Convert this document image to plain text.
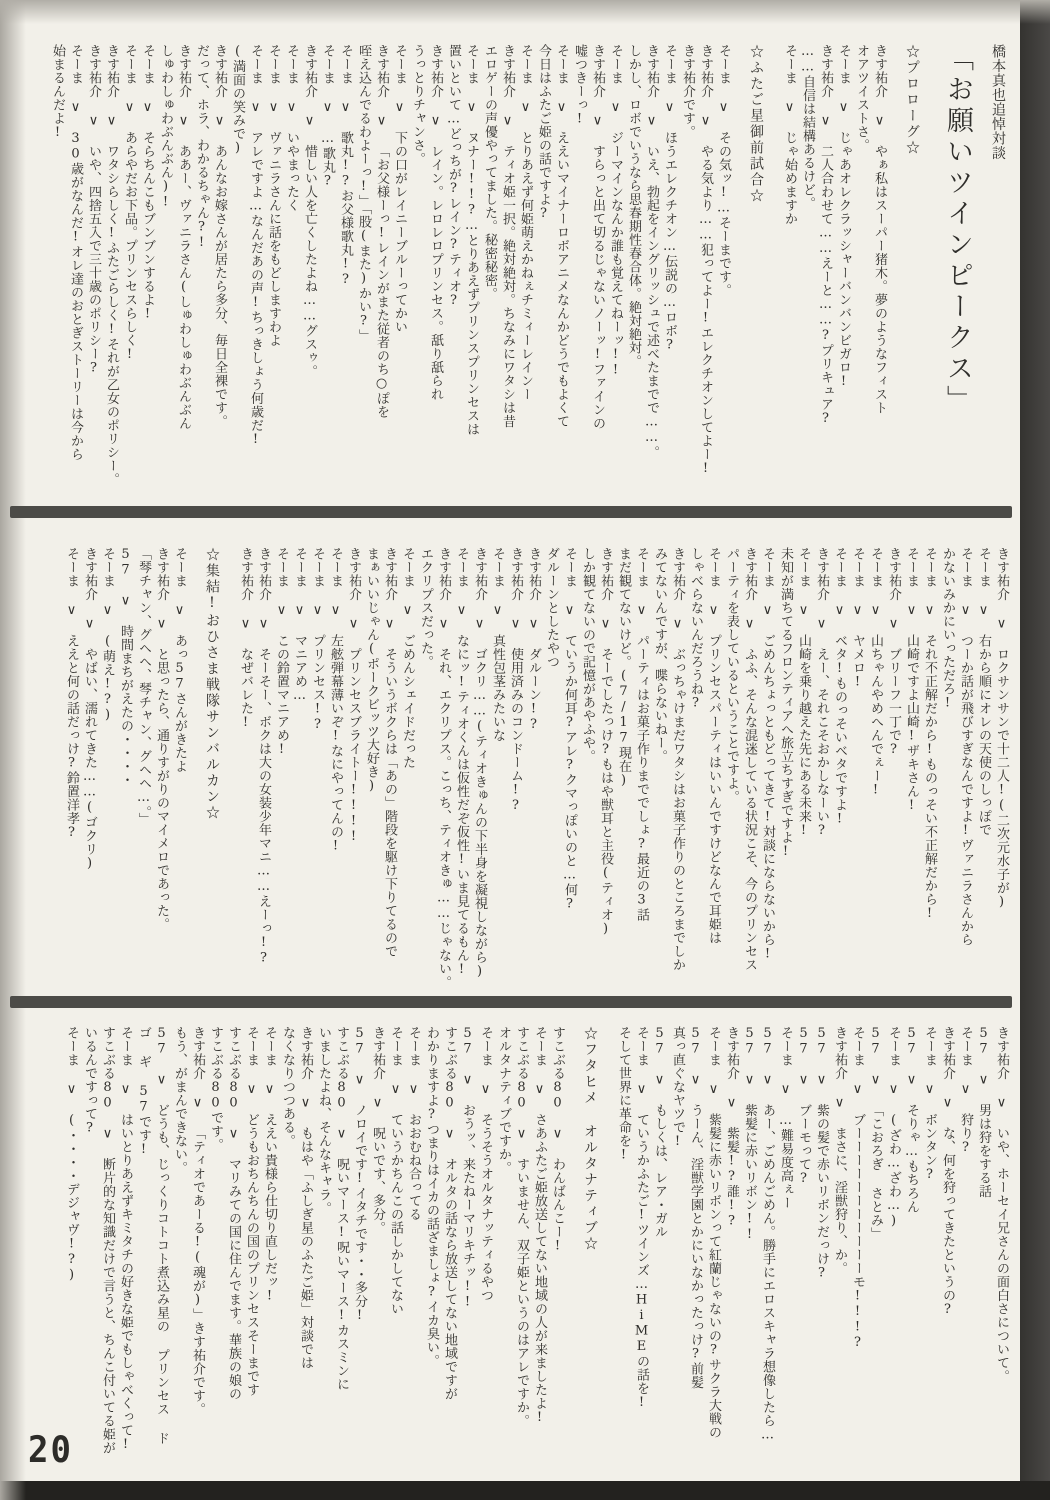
橋本真也追悼対談

「お願いツインピークス」

☆プロローグ☆

きす祐介 ∨ やぁ私はスーパー猪木。夢のようなフィスト

オアツイストさ。

そーま ∨ じゃあオレクラッシャーバンバンビガロ!

きす祐介 ∨ 二人合わせて……えーと……?プリキュア?

……自信は結構あるけど。

そーま ∨ じゃ始めますか

☆ふたご星御前試合☆

そーま ∨ その気ッ!…そーまです。

きす祐介 ∨ やる気より……犯ってよー!エレクチオンしてよー!

きす祐介です。

そーま ∨ ほうエレクチオン…伝説の…ロボ?

きす祐介 ∨ いえ、勃起をイングリッシュで述べたまでで……。

しかし、ロボでいうなら思春期性春合体。絶対絶対。

そーま ∨ ジーマインなんか誰も覚えてねーッ!!

きす祐介 ∨ すらっと出て切るじゃないノーッ!ファインの

嘘つきーっ!

そーま ∨ ええいマイナーロボアニメなんかどうでもよくて

今日はふたご姫の話ですよ?

そーま ∨ とりあえず何姫萌えかねぇチミィーレインー

きす祐介 ∨ ティオ姫一択。絶対絶対。ちなみにワタシは昔

エロゲーの声優やってました。秘密秘密。

そーま ∨ ヌナー!!?…とりあえずプリンスプリンセスは

置いといて…どっちが?レイン?ティオ?

きす祐介 ∨ レイン。レロレロプリンセス。舐り舐られ

うっとりチャンさ。

そーま ∨ 下の口がレイニーブルーってかい

きす祐介 ∨ 「お父様ーっ!レインがまた従者のち○ぽを

咥え込んでるわよーっ!」「股(また)かい?」

そーま ∨ 歌丸!?お父様歌丸!?

そーま ∨ …歌丸?

きす祐介 ∨ 惜しい人を亡くしたよね……グスゥ。

そーま ∨ いやまったく

そーま ∨ ヴァニラさんに話をもどしますわよ

そーま ∨ アレですよ…なんだあの声!ちっきしょう何歳だ!

(満面の笑みで)

きす祐介 ∨ あんなお嫁さんが居たら多分、毎日全裸です。

だって、ホラ、わかるちゃん?!

きす祐介 ∨ ああー、ヴァニラさん(しゅわしゅわぶんぶん

しゅわしゅわぶんぶん)!

そーま ∨ そらちんこもブンブンするよ!

そーま ∨ あらやだお下品。プリンセスらしく!

きす祐介 ∨ ワタシらしく!ふたごらしく!それが乙女のポリシー。

きす祐介 ∨ いや、四捨五入で三十歳のポリシー?

そーま ∨ 30歳がなんだ!オレ達のおとぎストーリーは今から

始まるんだよ!

きす祐介 ∨ ロクサンサンで十二人!(二次元水子が)

そーま ∨ 右から順にオレの天使のしっぽで

そーま ∨ つーか話が飛びすぎなんですよ!ヴァニラさんから

かないみかにいっただろ!

そーま ∨ それ不正解だから!ものっそい不正解だから!

そーま ∨ 山崎ですよ山崎!ザキさん!

きす祐介 ∨ ブリーフ一丁で?

そーま ∨ 山ちゃんやめへんでぇー!

そーま ∨ ヤメロ!

そーま ∨ ベタ!ものっそいベタですよ!

きす祐介 ∨ えー、それこそおかしなーい?

そーま ∨ 山崎を乗り越えた先にある未来!

未知が満ちてるフロンティアへ旅立ちすぎですよ!

そーま ∨ ごめんちょっともどってきて!対談にならないから!

きす祐介 ∨ ふふ、そんな混迷している状況こそ、今のプリンセス

パーティを表しているということですよ。

そーま ∨ プリンセスパーティはいいんですけどなんで耳姫は

しゃべらないんだろうね?

きす祐介 ∨ ぶっちゃけまだワタシはお菓子作りのところまでしか

みてないんですが、喋らないねー。

そーま ∨ パーティはお菓子作りまででしょ?最近の3話

まだ観てないけど。(7/17現在)

きす祐介 ∨ そーでしたっけ?もはや獣耳と主役(ティオ)

しか観てないので記憶があやふや。

そーま ∨ ていうか何耳?アレ?クマっぽいのと…何?

ダルーンとしたやつ

きす祐介 ∨ ダルーン!?

きす祐介 ∨ 使用済みのコンドーム!?

そーま ∨ 真性包茎みたいな

きす祐介 ∨ ゴクリ……(ティオきゅんの下半身を凝視しながら)

そーま ∨ なにッ!ティオくんは仮性だぞ仮性!いま見てるもん!

きす祐介 ∨ それ、エクリプス。こっち、ティオきゅ……じゃない。

エクリプスだった。

そーま ∨ ごめんシェイドだった

きす祐介 ∨ そういうボクらは「あの」階段を駆け下りてるので

まぁいいじゃん(ポークビッツ大好き)

きす祐介 ∨ プリンセスブライトー!!!!

そーま ∨ 左舷弾幕薄いぞ!なにやってんの!

そーま ∨ プリンセス!?

そーま ∨ マニアめ…

そーま ∨ この鈴置マニアめ!

きす祐介 ∨ そーそー、ボクは大の女装少年マニ……えーっ!?

きす祐介 ∨ なぜバレた!

☆集結!おひさま戦隊サンバルカン☆

そーま ∨ あっ57さんがきたよ

きす祐介 ∨ と思ったら、通りすがりのマイメロであった。

「琴チャン、グヘヘ、琴チャン、グヘヘ…。」

57 ∨ 時間まちがえたの・・・・

そーま ∨ (萌え!?)

きす祐介 ∨ やばい、濡れてきた……(ゴクリ)

そーま ∨ ええと何の話だっけ?鈴置洋孝?

きす祐介 ∨ いや、ホーセイ兄さんの面白さについて。

57 ∨ 男は狩をする話

そーま ∨ 狩り?

きす祐介 ∨ な、何を狩ってきたというの?

そーま ∨ ボンタン?

57 ∨ そりゃ…もちろん

そーま ∨ (ざわ…ざわ…)

57 ∨ 「こおろぎ さとみ」

そーま ∨ ブーーーーーーーーーーーモ!!!?

きす祐介 ∨ まさに、淫獣狩り、か。

57 ∨ 紫の髪で赤いリボンだっけ?

57 ∨ ブーモって?

そーま ∨ …難易度高ぇー

57 ∨ あー、ごめんごめん。勝手にエロスキャラ想像したら…

57 ∨ 紫髪に赤いリボン!!

きす祐介 ∨ 紫髪!?誰!?

そーま ∨ 紫髪に赤いリボンって紅蘭じゃないの?サクラ大戦の

57 ∨ うーん、淫獣学園とかにいなかったっけ?前髪

真っ直ぐなヤツで!

57 ∨ もしくは、レア・ガル

そーま ∨ ていうかふたご!ツインズ…HiMEの話を!

そして世界に革命を!

☆フタヒメ オルタナティブ☆

すこぶる80 ∨ わんばんこー!

そーま ∨ さあふたご姫放送してない地域の人が来ましたよ!

すこぶる80 ∨ すいません、双子姫というのはアレですか。

オルタナティブですか。

そーま ∨ そうそうオルタナッティるやつ

57 ∨ おうッ、来たねーマリキチッ!!

すこぶる80 ∨ オルタの話なら放送してない地域ですが

わかりますよ?つまりはイカの話ざましょ?イカ臭い。

そーま ∨ おおむね合ってる

そーま ∨ ていうかちんこの話しかしてない

きす祐介 ∨ 呪いです、多分。

57 ∨ ノロイです!イタチです・・多分!

すこぶる80 ∨ 呪いマース!呪いマース!カスミンに

いましたよね、そんなキャラ。

きす祐介 ∨ もはや「ふしぎ星のふたご姫」対談では

なくなりつつある。

そーま ∨ ええい貴様ら仕切り直しだッ!

そーま ∨ どうもおちんちんの国のプリンセスそーまです

すこぶる80 ∨ マリみての国に住んでます。華族の娘の

すこぶる80です。

きす祐介 ∨ 「ティオであーる!(魂が)」きす祐介です。

もう、がまんできない。

57 ∨ どうも、じっくりコトコト煮込み星の プリンセス ド

ゴ ギ 57です!

そーま ∨ はいとりあえずキミタチの好きな姫でもしゃべくって!

すこぶる80 ∨ 断片的な知識だけで言うと、ちんこ付いてる姫が

いるんですって?

そーま ∨ (・・・・デジャヴ!?)

20
